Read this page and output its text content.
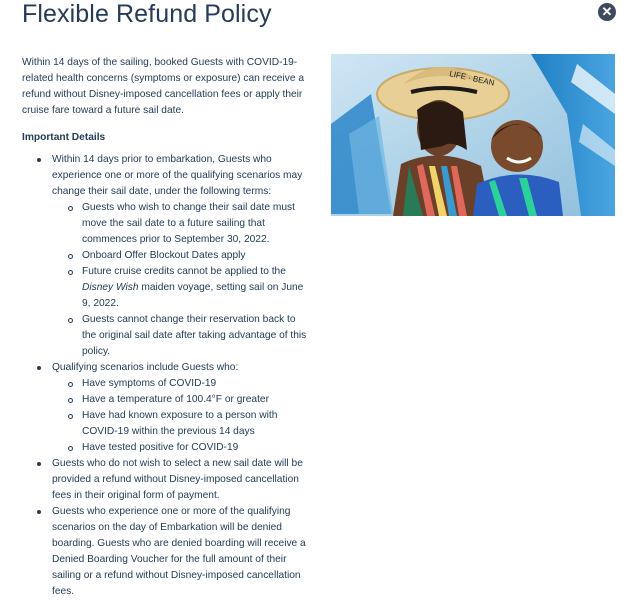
Flexible Refund Policy	✕

Within 14 days of the sailing, booked Guests with COVID-19-related health concerns (symptoms or exposure) can receive a refund without Disney-imposed cancellation fees or apply their cruise fare toward a future sail date.

Important Details

Within 14 days prior to embarkation, Guests who experience one or more of the qualifying scenarios may change their sail date, under the following terms:
Guests who wish to change their sail date must move the sail date to a future sailing that commences prior to September 30, 2022.
Onboard Offer Blockout Dates apply
Future cruise credits cannot be applied to the Disney Wish maiden voyage, setting sail on June 9, 2022.
Guests cannot change their reservation back to the original sail date after taking advantage of this policy.
Qualifying scenarios include Guests who:
Have symptoms of COVID-19
Have a temperature of 100.4°F or greater
Have had known exposure to a person with COVID-19 within the previous 14 days
Have tested positive for COVID-19
Guests who do not wish to select a new sail date will be provided a refund without Disney-imposed cancellation fees in their original form of payment.
Guests who experience one or more of the qualifying scenarios on the day of Embarkation will be denied boarding. Guests who are denied boarding will receive a Denied Boarding Voucher for the full amount of their sailing or a refund without Disney-imposed cancellation fees.
LIFE · BEAN
